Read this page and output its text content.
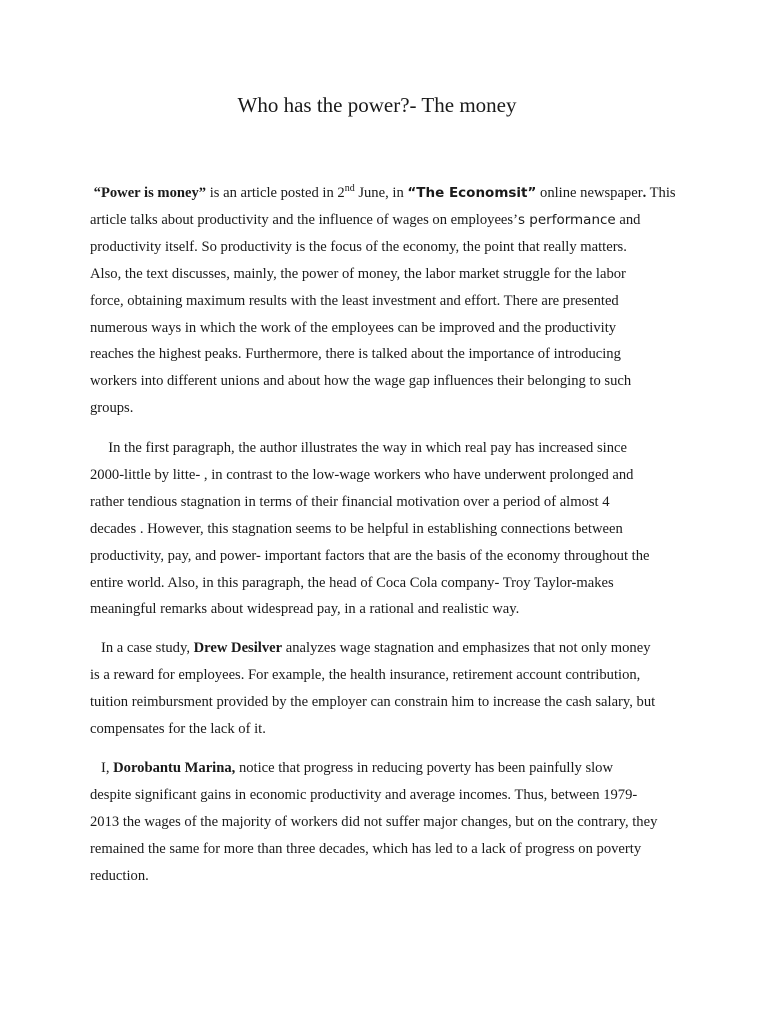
Who has the power?- The money

“Power is money” is an article posted in 2nd June, in “The Economsit” online newspaper. This
article talks about productivity and the influence of wages on employees’s performance and
productivity itself. So productivity is the focus of the economy, the point that really matters.
Also, the text discusses, mainly, the power of money, the labor market struggle for the labor
force, obtaining maximum results with the least investment and effort. There are presented
numerous ways in which the work of the employees can be improved and the productivity
reaches the highest peaks. Furthermore, there is talked about the importance of introducing
workers into different unions and about how the wage gap influences their belonging to such
groups.

In the first paragraph, the author illustrates the way in which real pay has increased since
2000-little by litte- , in contrast to the low-wage workers who have underwent prolonged and
rather tendious stagnation in terms of their financial motivation over a period of almost 4
decades . However, this stagnation seems to be helpful in establishing connections between
productivity, pay, and power- important factors that are the basis of the economy throughout the
entire world. Also, in this paragraph, the head of Coca Cola company- Troy Taylor-makes
meaningful remarks about widespread pay, in a rational and realistic way.

In a case study, Drew Desilver analyzes wage stagnation and emphasizes that not only money
is a reward for employees. For example, the health insurance, retirement account contribution,
tuition reimbursment provided by the employer can constrain him to increase the cash salary, but
compensates for the lack of it.

I, Dorobantu Marina, notice that progress in reducing poverty has been painfully slow
despite significant gains in economic productivity and average incomes. Thus, between 1979-
2013 the wages of the majority of workers did not suffer major changes, but on the contrary, they
remained the same for more than three decades, which has led to a lack of progress on poverty
reduction.
